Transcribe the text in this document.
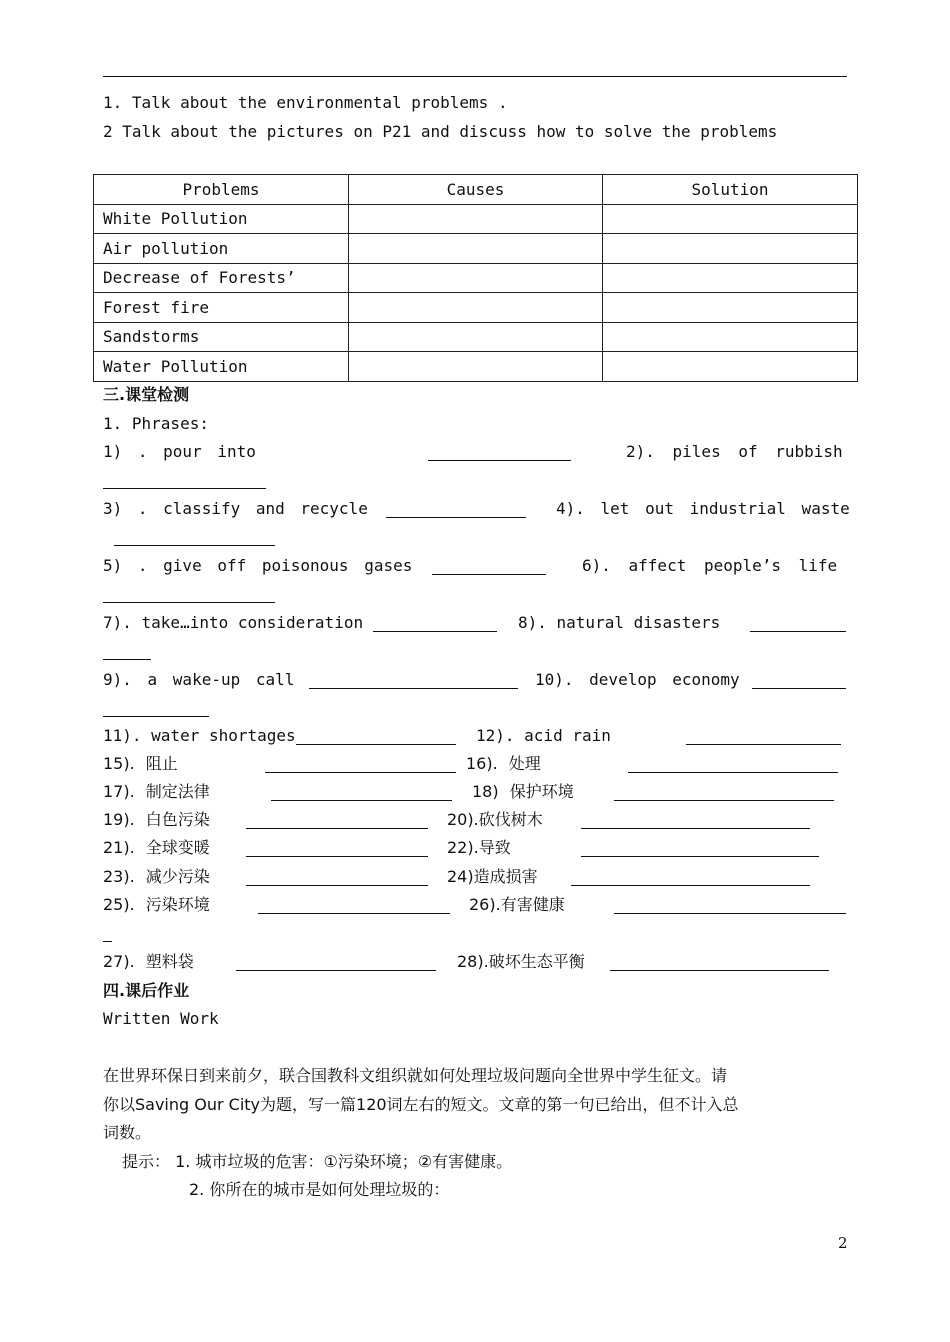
1. Talk about the environmental problems .
2 Talk about the pictures on P21 and discuss how to solve the problems
Problems	Causes	Solution
White Pollution		
Air pollution		
Decrease of Forests’		
Forest fire		
Sandstorms		
Water Pollution		
三.课堂检测
1. Phrases:
1) . pour into	2). piles of rubbish
3) . classify and recycle	4). let out industrial waste
5) . give off poisonous gases	6). affect people’s life
7). take…into consideration	8). natural disasters
9). a wake-up call	10). develop economy
11). water shortages	12). acid rain
15). 阻止	16). 处理
17). 制定法律	18) 保护环境
19). 白色污染	20).砍伐树木
21). 全球变暖	22).导致
23). 减少污染	24)造成损害
25). 污染环境	26).有害健康
27). 塑料袋	28).破坏生态平衡
四.课后作业
Written Work
在世界环保日到来前夕，联合国教科文组织就如何处理垃圾问题向全世界中学生征文。请
你以Saving Our City为题，写一篇120词左右的短文。文章的第一句已给出，但不计入总
词数。
提示： 1. 城市垃圾的危害：①污染环境；②有害健康。
2. 你所在的城市是如何处理垃圾的：
2
